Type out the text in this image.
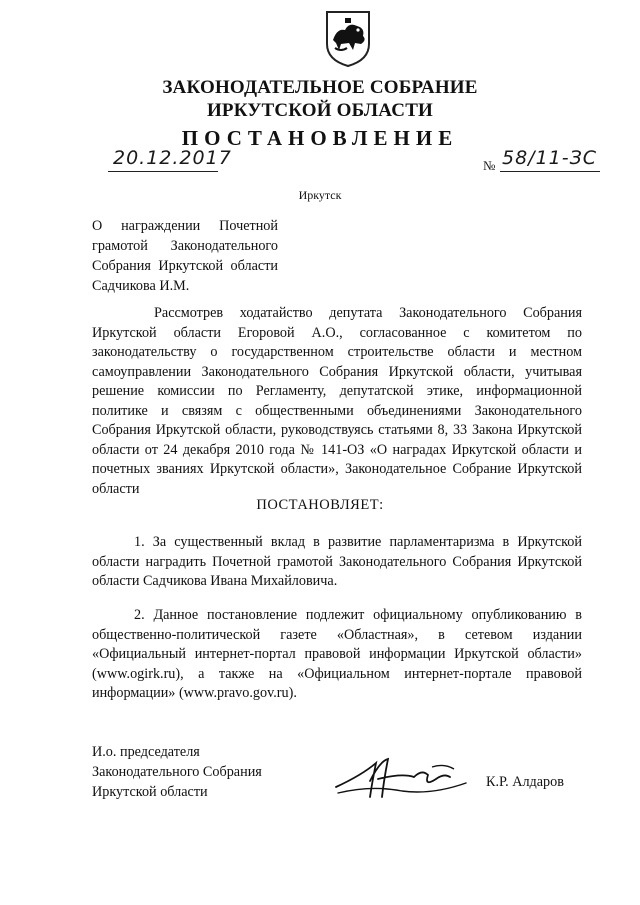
ЗАКОНОДАТЕЛЬНОЕ СОБРАНИЕ
ИРКУТСКОЙ ОБЛАСТИ
ПОСТАНОВЛЕНИЕ
20.12.2017	№ 58/11-ЗС
Иркутск
О награждении Почетной грамотой Законодательного Собрания Иркутской области Садчикова И.М.
Рассмотрев ходатайство депутата Законодательного Собрания Иркутской области Егоровой А.О., согласованное с комитетом по законодательству о государственном строительстве области и местном самоуправлении Законодательного Собрания Иркутской области, учитывая решение комиссии по Регламенту, депутатской этике, информационной политике и связям с общественными объединениями Законодательного Собрания Иркутской области, руководствуясь статьями 8, 33 Закона Иркутской области от 24 декабря 2010 года № 141-ОЗ «О наградах Иркутской области и почетных званиях Иркутской области», Законодательное Собрание Иркутской области
ПОСТАНОВЛЯЕТ:
1. За существенный вклад в развитие парламентаризма в Иркутской области наградить Почетной грамотой Законодательного Собрания Иркутской области Садчикова Ивана Михайловича.
2. Данное постановление подлежит официальному опубликованию в общественно-политической газете «Областная», в сетевом издании «Официальный интернет-портал правовой информации Иркутской области» (www.ogirk.ru), а также на «Официальном интернет-портале правовой информации» (www.pravo.gov.ru).
И.о. председателя
Законодательного Собрания
Иркутской области
К.Р. Алдаров
